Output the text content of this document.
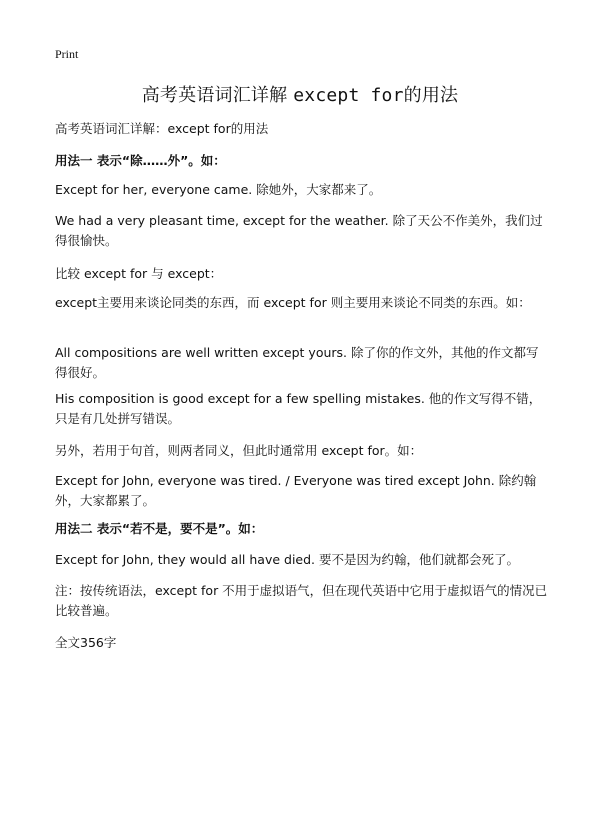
Print
高考英语词汇详解 except for的用法
高考英语词汇详解：except for的用法
用法一 表示“除……外”。如：
Except for her, everyone came. 除她外，大家都来了。
We had a very pleasant time, except for the weather. 除了天公不作美外，我们过得很愉快。
比较 except for 与 except：
except主要用来谈论同类的东西，而 except for 则主要用来谈论不同类的东西。如：
All compositions are well written except yours. 除了你的作文外，其他的作文都写得很好。
His composition is good except for a few spelling mistakes. 他的作文写得不错，只是有几处拼写错误。
另外，若用于句首，则两者同义，但此时通常用 except for。如：
Except for John, everyone was tired. / Everyone was tired except John. 除约翰外，大家都累了。
用法二 表示“若不是，要不是”。如：
Except for John, they would all have died. 要不是因为约翰，他们就都会死了。
注：按传统语法，except for 不用于虚拟语气，但在现代英语中它用于虚拟语气的情况已比较普遍。
全文356字
